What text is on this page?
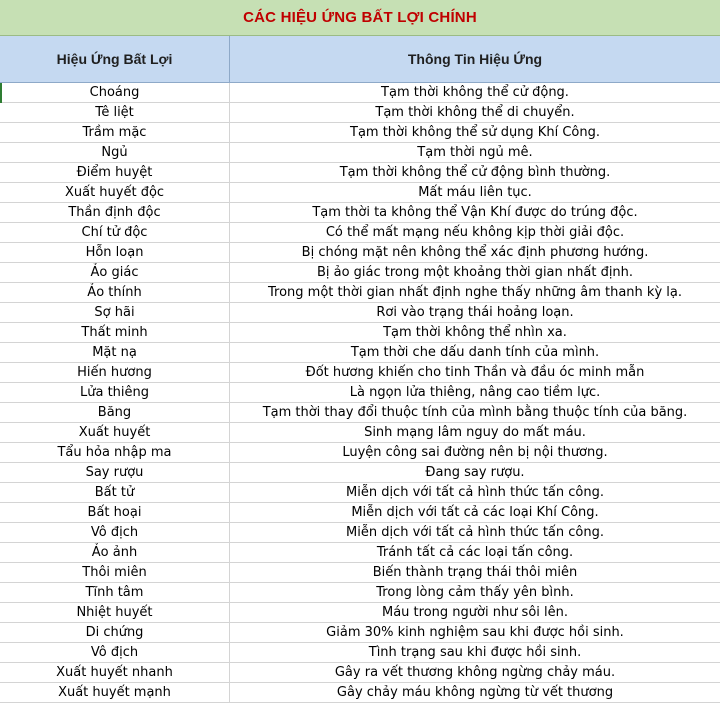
CÁC HIỆU ỨNG BẤT LỢI CHÍNH
Hiệu Ứng Bất Lợi	Thông Tin Hiệu Ứng
Choáng	Tạm thời không thể cử động.
Tê liệt	Tạm thời không thể di chuyển.
Trầm mặc	Tạm thời không thể sử dụng Khí Công.
Ngủ	Tạm thời ngủ mê.
Điểm huyệt	Tạm thời không thể cử động bình thường.
Xuất huyết độc	Mất máu liên tục.
Thần định độc	Tạm thời ta không thể Vận Khí được do trúng độc.
Chí tử độc	Có thể mất mạng nếu không kịp thời giải độc.
Hỗn loạn	Bị chóng mặt nên không thể xác định phương hướng.
Ảo giác	Bị ảo giác trong một khoảng thời gian nhất định.
Ảo thính	Trong một thời gian nhất định nghe thấy những âm thanh kỳ lạ.
Sợ hãi	Rơi vào trạng thái hoảng loạn.
Thất minh	Tạm thời không thể nhìn xa.
Mặt nạ	Tạm thời che dấu danh tính của mình.
Hiến hương	Đốt hương khiến cho tinh Thần và đầu óc minh mẫn
Lửa thiêng	Là ngọn lửa thiêng, nâng cao tiềm lực.
Băng	Tạm thời thay đổi thuộc tính của mình bằng thuộc tính của băng.
Xuất huyết	Sinh mạng lâm nguy do mất máu.
Tẩu hỏa nhập ma	Luyện công sai đường nên bị nội thương.
Say rượu	Đang say rượu.
Bất tử	Miễn dịch với tất cả hình thức tấn công.
Bất hoại	Miễn dịch với tất cả các loại Khí Công.
Vô địch	Miễn dịch với tất cả hình thức tấn công.
Ảo ảnh	Tránh tất cả các loại tấn công.
Thôi miên	Biến thành trạng thái thôi miên
Tĩnh tâm	Trong lòng cảm thấy yên bình.
Nhiệt huyết	Máu trong người như sôi lên.
Di chứng	Giảm 30% kinh nghiệm sau khi được hồi sinh.
Vô địch	Tình trạng sau khi được hồi sinh.
Xuất huyết nhanh	Gây ra vết thương không ngừng chảy máu.
Xuất huyết mạnh	Gây chảy máu không ngừng từ vết thương
